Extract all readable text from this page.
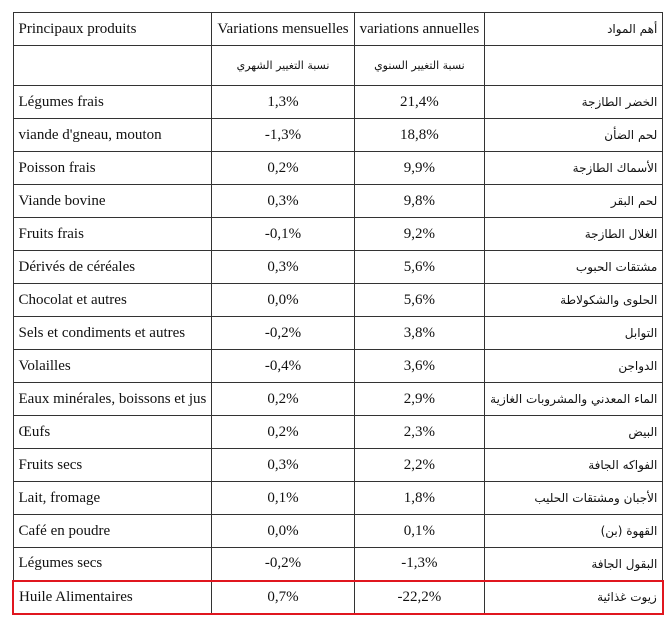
Principaux produits	Variations mensuelles	variations annuelles	أهم المواد
	نسبة التغيير الشهري	نسبة التغيير السنوي	
Légumes frais	1,3%	21,4%	الخضر الطازجة
viande d'gneau, mouton	-1,3%	18,8%	لحم الضأن
Poisson frais	0,2%	9,9%	الأسماك الطازجة
Viande bovine	0,3%	9,8%	لحم البقر
Fruits frais	-0,1%	9,2%	الغلال الطازجة
Dérivés de céréales	0,3%	5,6%	مشتقات الحبوب
Chocolat et autres	0,0%	5,6%	الحلوى والشكولاطة
Sels et condiments et autres	-0,2%	3,8%	التوابل
Volailles	-0,4%	3,6%	الدواجن
Eaux minérales, boissons et jus	0,2%	2,9%	الماء المعدني والمشروبات الغازية
Œufs	0,2%	2,3%	البيض
Fruits secs	0,3%	2,2%	الفواكه الجافة
Lait, fromage	0,1%	1,8%	الأجبان ومشتقات الحليب
Café en poudre	0,0%	0,1%	القهوة (بن)
Légumes secs	-0,2%	-1,3%	البقول الجافة
Huile Alimentaires	0,7%	-22,2%	زيوت غذائية
